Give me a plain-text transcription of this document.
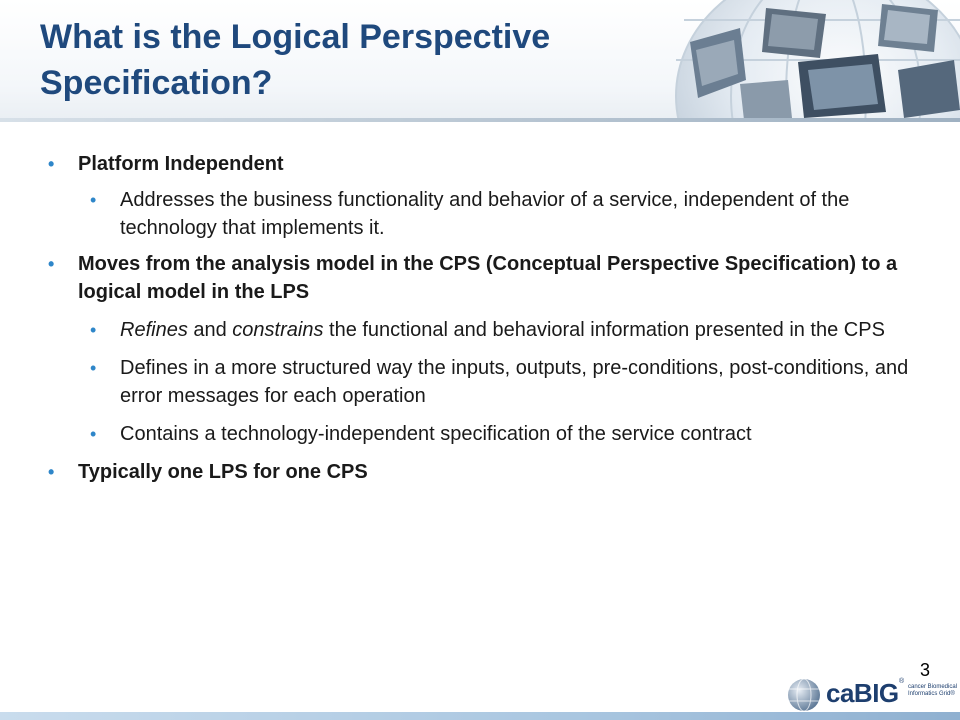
What is the Logical Perspective
Specification?
• Platform Independent
• Addresses the business functionality and behavior of a service, independent of the technology that implements it.
• Moves from the analysis model in the CPS (Conceptual Perspective Specification) to a logical model in the LPS
• Refines and constrains the functional and behavioral information presented in the CPS
• Defines in a more structured way the inputs, outputs, pre-conditions, post-conditions, and error messages for each operation
• Contains a technology-independent specification of the service contract
• Typically one LPS for one CPS
3
caBIG ®
cancer Biomedical
Informatics Grid®
